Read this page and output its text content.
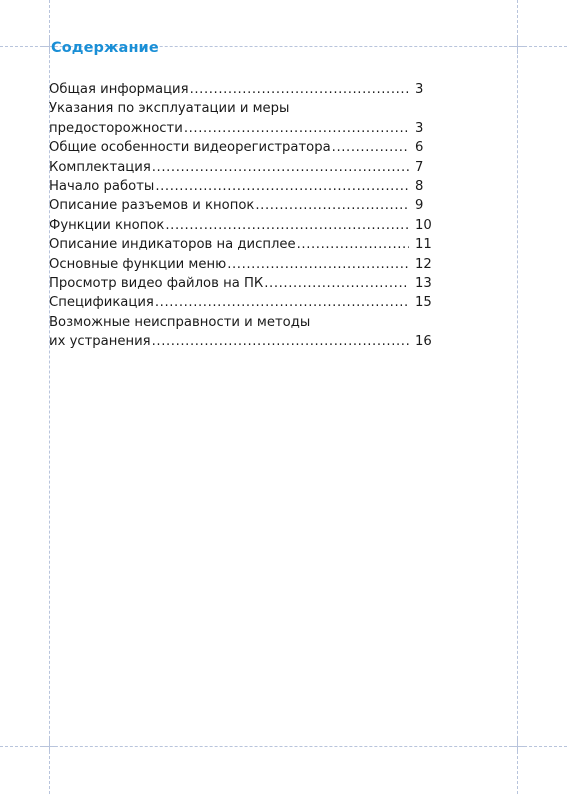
Содержание
Общая информация .....	3
Указания по эксплуатации и меры
предосторожности .....	3
Общие особенности видеорегистратора .....	6
Комплектация .....	7
Начало работы .....	8
Описание разъемов и кнопок .....	9
Функции кнопок .....	10
Описание индикаторов на дисплее .....	11
Основные функции меню .....	12
Просмотр видео файлов на ПК .....	13
Спецификация .....	15
Возможные неисправности и методы
их устранения .....	16
